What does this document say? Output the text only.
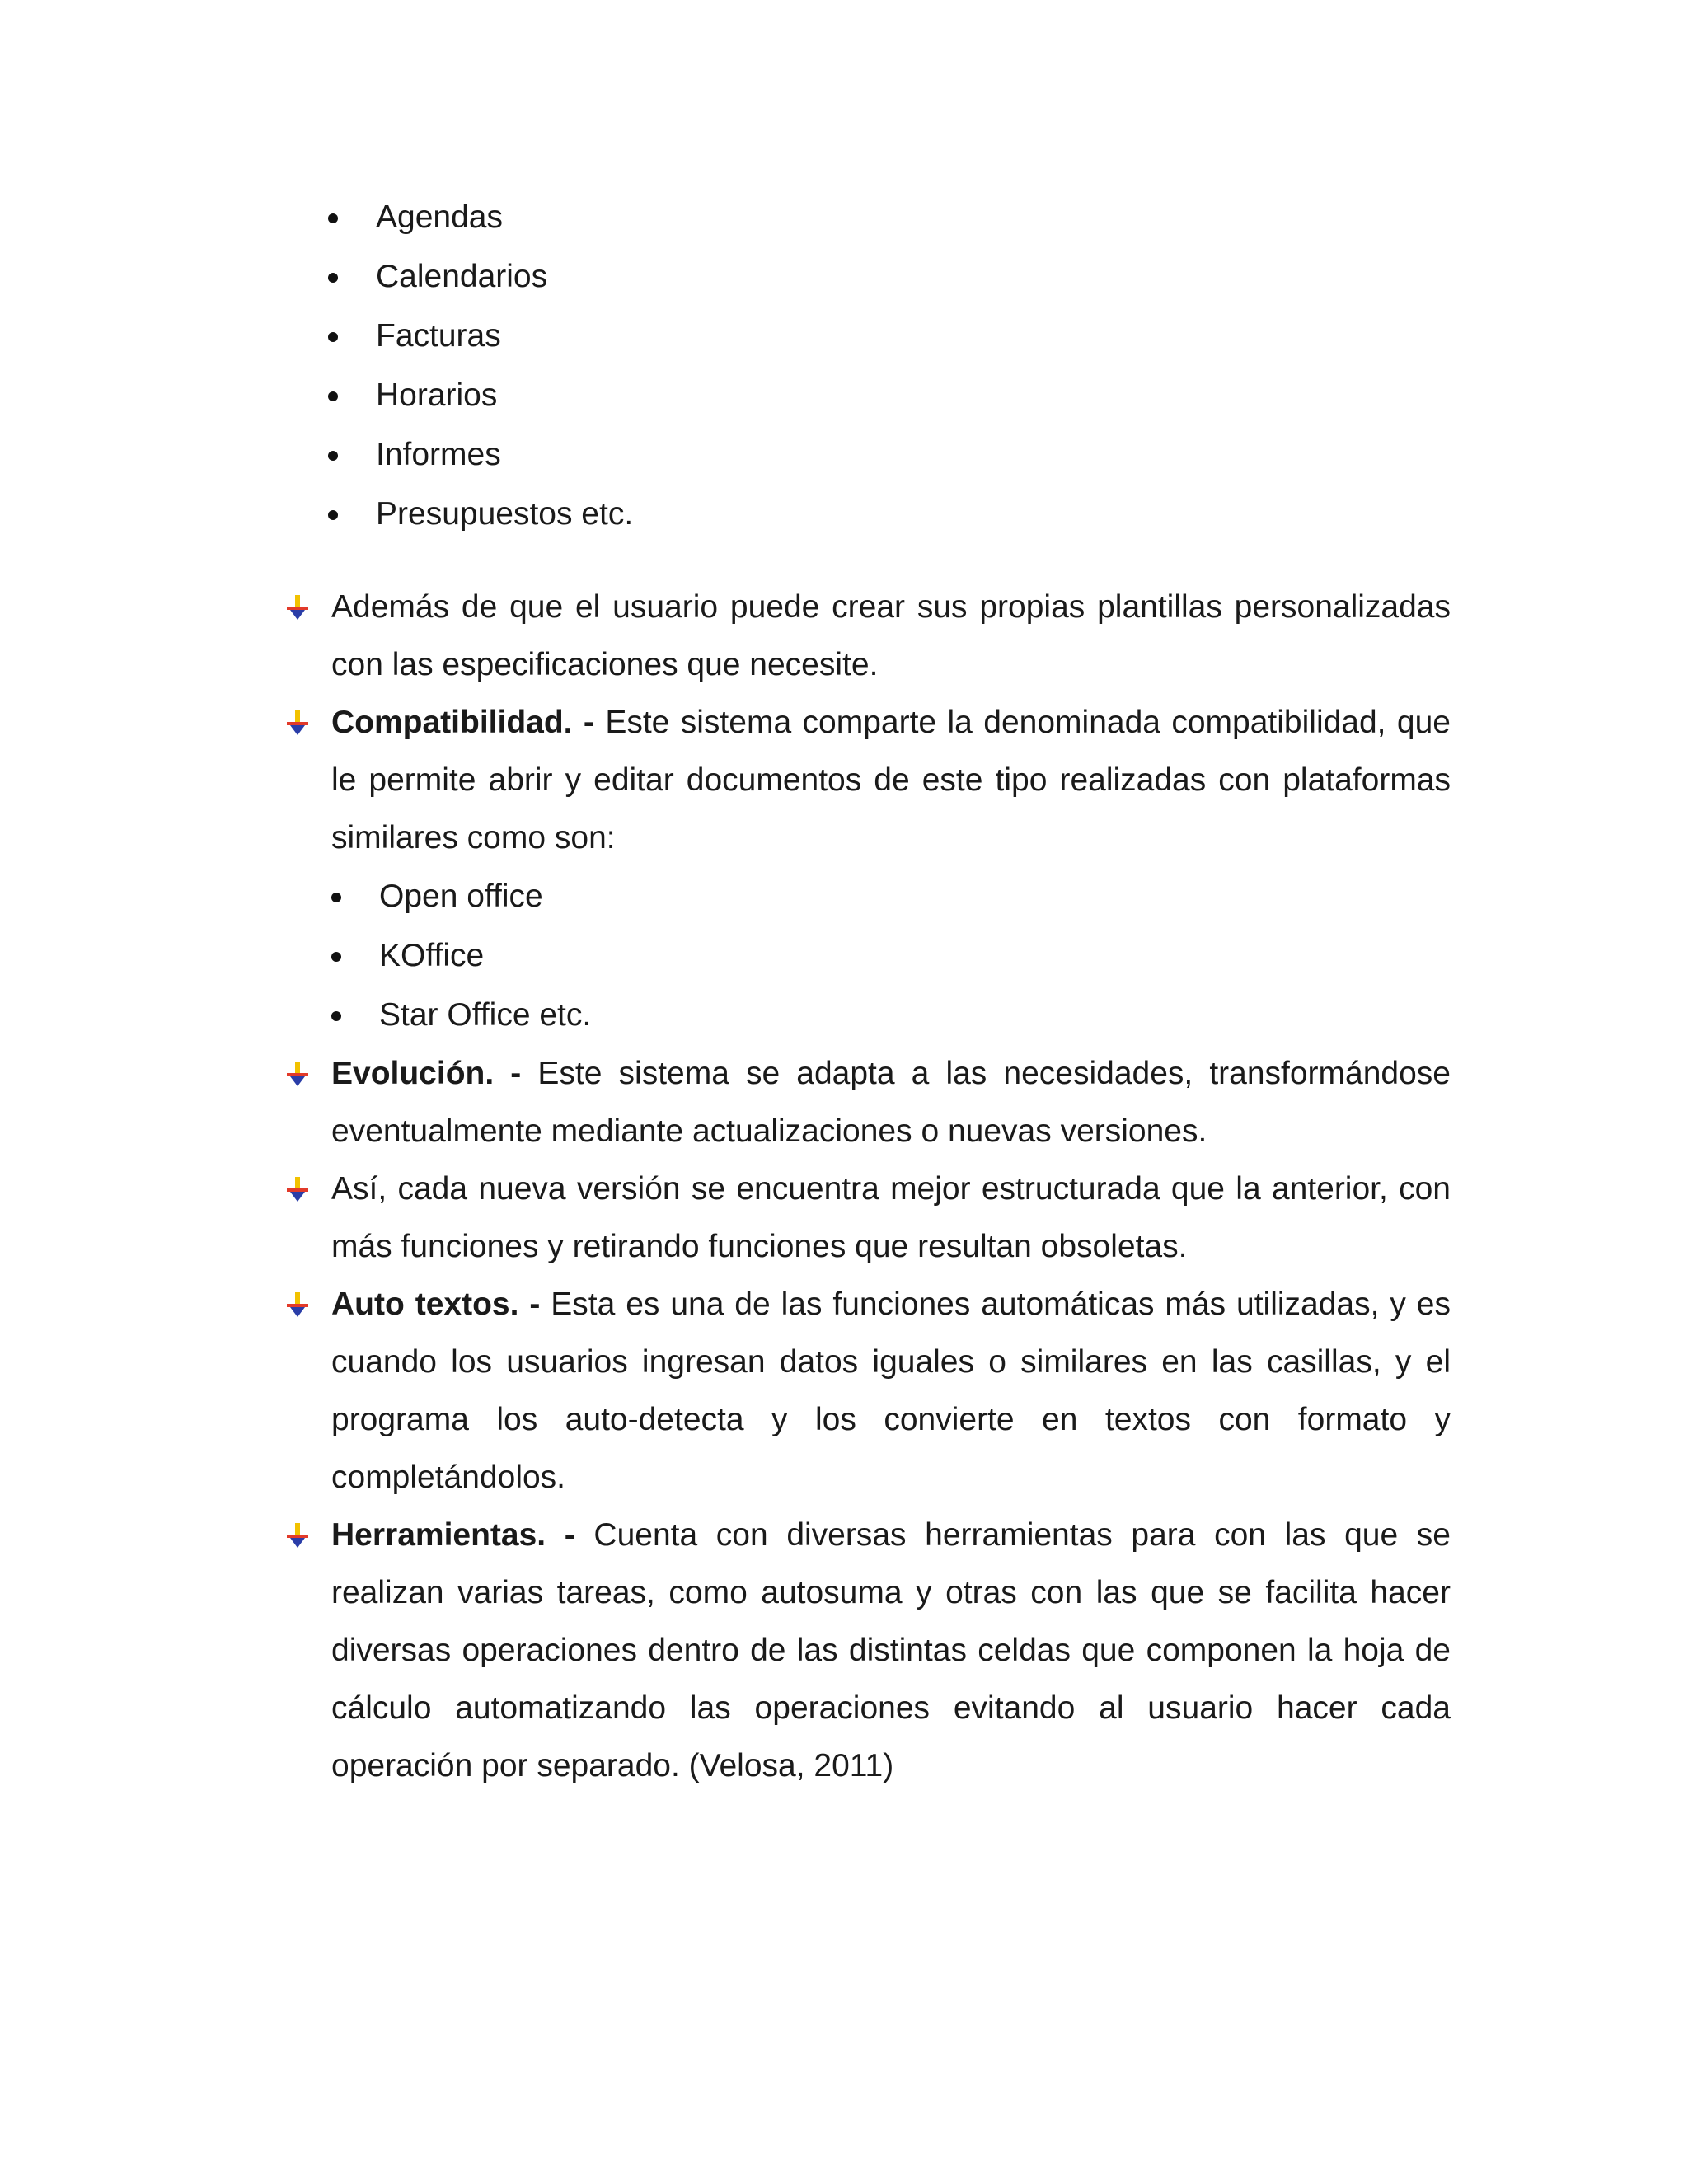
Agendas
Calendarios
Facturas
Horarios
Informes
Presupuestos etc.

Además de que el usuario puede crear sus propias plantillas personalizadas con las especificaciones que necesite.

Compatibilidad. - Este sistema comparte la denominada compatibilidad, que le permite abrir y editar documentos de este tipo realizadas con plataformas similares como son:

Open office
KOffice
Star Office etc.

Evolución. - Este sistema se adapta a las necesidades, transformándose eventualmente mediante actualizaciones o nuevas versiones.

Así, cada nueva versión se encuentra mejor estructurada que la anterior, con más funciones y retirando funciones que resultan obsoletas.

Auto textos. - Esta es una de las funciones automáticas más utilizadas, y es cuando los usuarios ingresan datos iguales o similares en las casillas, y el programa los auto-detecta y los convierte en textos con formato y completándolos.

Herramientas. - Cuenta con diversas herramientas para con las que se realizan varias tareas, como autosuma y otras con las que se facilita hacer diversas operaciones dentro de las distintas celdas que componen la hoja de cálculo automatizando las operaciones evitando al usuario hacer cada operación por separado. (Velosa, 2011)
